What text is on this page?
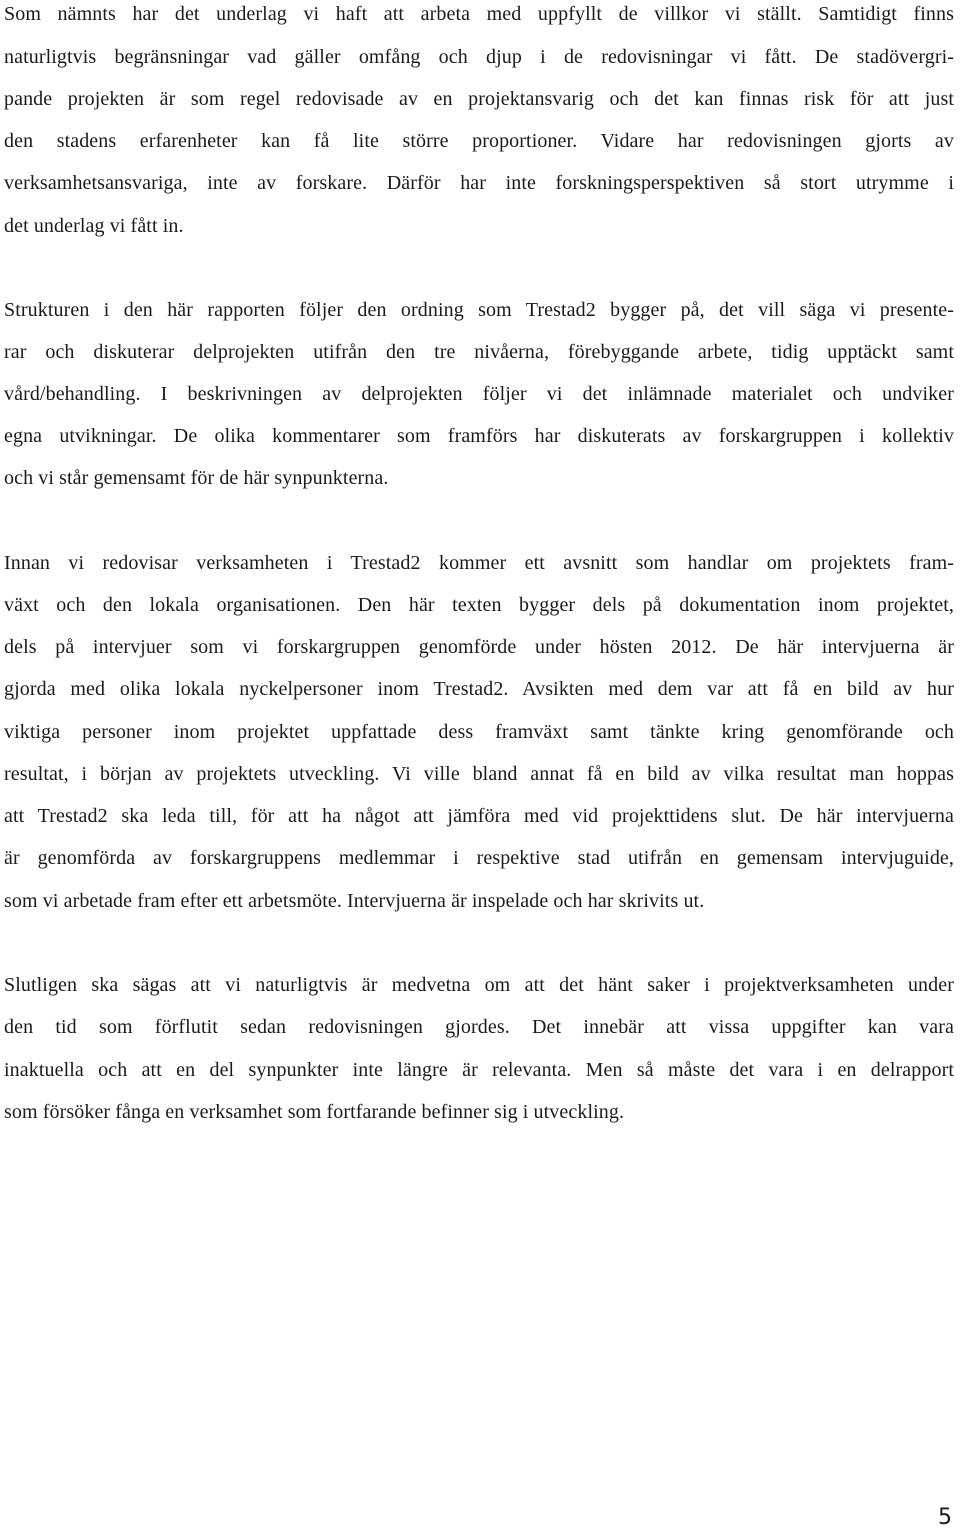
Som nämnts har det underlag vi haft att arbeta med uppfyllt de villkor vi ställt. Samtidigt finns
naturligtvis begränsningar vad gäller omfång och djup i de redovisningar vi fått. De stadövergri-
pande projekten är som regel redovisade av en projektansvarig och det kan finnas risk för att just
den stadens erfarenheter kan få lite större proportioner. Vidare har redovisningen gjorts av
verksamhetsansvariga, inte av forskare. Därför har inte forskningsperspektiven så stort utrymme i
det underlag vi fått in.
Strukturen i den här rapporten följer den ordning som Trestad2 bygger på, det vill säga vi presente-
rar och diskuterar delprojekten utifrån den tre nivåerna, förebyggande arbete, tidig upptäckt samt
vård/behandling. I beskrivningen av delprojekten följer vi det inlämnade materialet och undviker
egna utvikningar. De olika kommentarer som framförs har diskuterats av forskargruppen i kollektiv
och vi står gemensamt för de här synpunkterna.
Innan vi redovisar verksamheten i Trestad2 kommer ett avsnitt som handlar om projektets fram-
växt och den lokala organisationen. Den här texten bygger dels på dokumentation inom projektet,
dels på intervjuer som vi forskargruppen genomförde under hösten 2012. De här intervjuerna är
gjorda med olika lokala nyckelpersoner inom Trestad2. Avsikten med dem var att få en bild av hur
viktiga personer inom projektet uppfattade dess framväxt samt tänkte kring genomförande och
resultat, i början av projektets utveckling. Vi ville bland annat få en bild av vilka resultat man hoppas
att Trestad2 ska leda till, för att ha något att jämföra med vid projekttidens slut. De här intervjuerna
är genomförda av forskargruppens medlemmar i respektive stad utifrån en gemensam intervjuguide,
som vi arbetade fram efter ett arbetsmöte. Intervjuerna är inspelade och har skrivits ut.
Slutligen ska sägas att vi naturligtvis är medvetna om att det hänt saker i projektverksamheten under
den tid som förflutit sedan redovisningen gjordes. Det innebär att vissa uppgifter kan vara
inaktuella och att en del synpunkter inte längre är relevanta. Men så måste det vara i en delrapport
som försöker fånga en verksamhet som fortfarande befinner sig i utveckling.
5
